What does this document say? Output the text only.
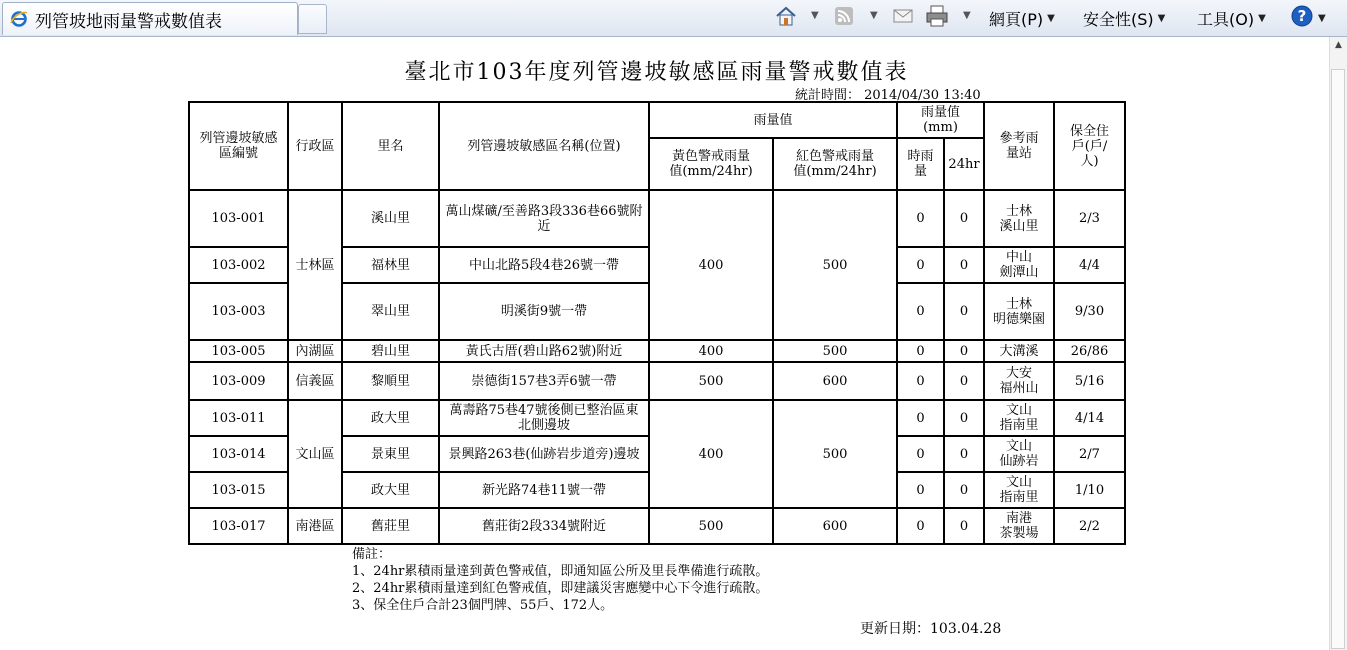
列管坡地雨量警戒數值表	▼	▼	▼ 網頁(P) ▼ 安全性(S) ▼ 工具(O) ▼ ? ▼
▲
臺北市103年度列管邊坡敏感區雨量警戒數值表
統計時間： 2014/04/30 13:40
列管邊坡敏感區編號	行政區	里名	列管邊坡敏感區名稱(位置)	雨量值		雨量值(mm)		參考雨量站	保全住戶(戶/人)
				黃色警戒雨量值(mm/24hr)	紅色警戒雨量值(mm/24hr)	時雨量	24hr		
103-001	士林區	溪山里	萬山煤礦/至善路3段336巷66號附近	400	500	0	0	士林
溪山里	2/3
103-002		福林里	中山北路5段4巷26號一帶			0	0	中山
劍潭山	4/4
103-003		翠山里	明溪街9號一帶			0	0	士林
明德樂園	9/30
103-005	內湖區	碧山里	黃氏古厝(碧山路62號)附近	400	500	0	0	大溝溪	26/86
103-009	信義區	黎順里	崇德街157巷3弄6號一帶	500	600	0	0	大安
福州山	5/16
103-011	文山區	政大里	萬壽路75巷47號後側已整治區東北側邊坡	400	500	0	0	文山
指南里	4/14
103-014		景東里	景興路263巷(仙跡岩步道旁)邊坡			0	0	文山
仙跡岩	2/7
103-015		政大里	新光路74巷11號一帶			0	0	文山
指南里	1/10
103-017	南港區	舊莊里	舊莊街2段334號附近	500	600	0	0	南港
茶製場	2/2
備註：
1、24hr累積雨量達到黃色警戒值，即通知區公所及里長準備進行疏散。
2、24hr累積雨量達到紅色警戒值，即建議災害應變中心下令進行疏散。
3、保全住戶合計23個門牌、55戶、172人。
更新日期：103.04.28
